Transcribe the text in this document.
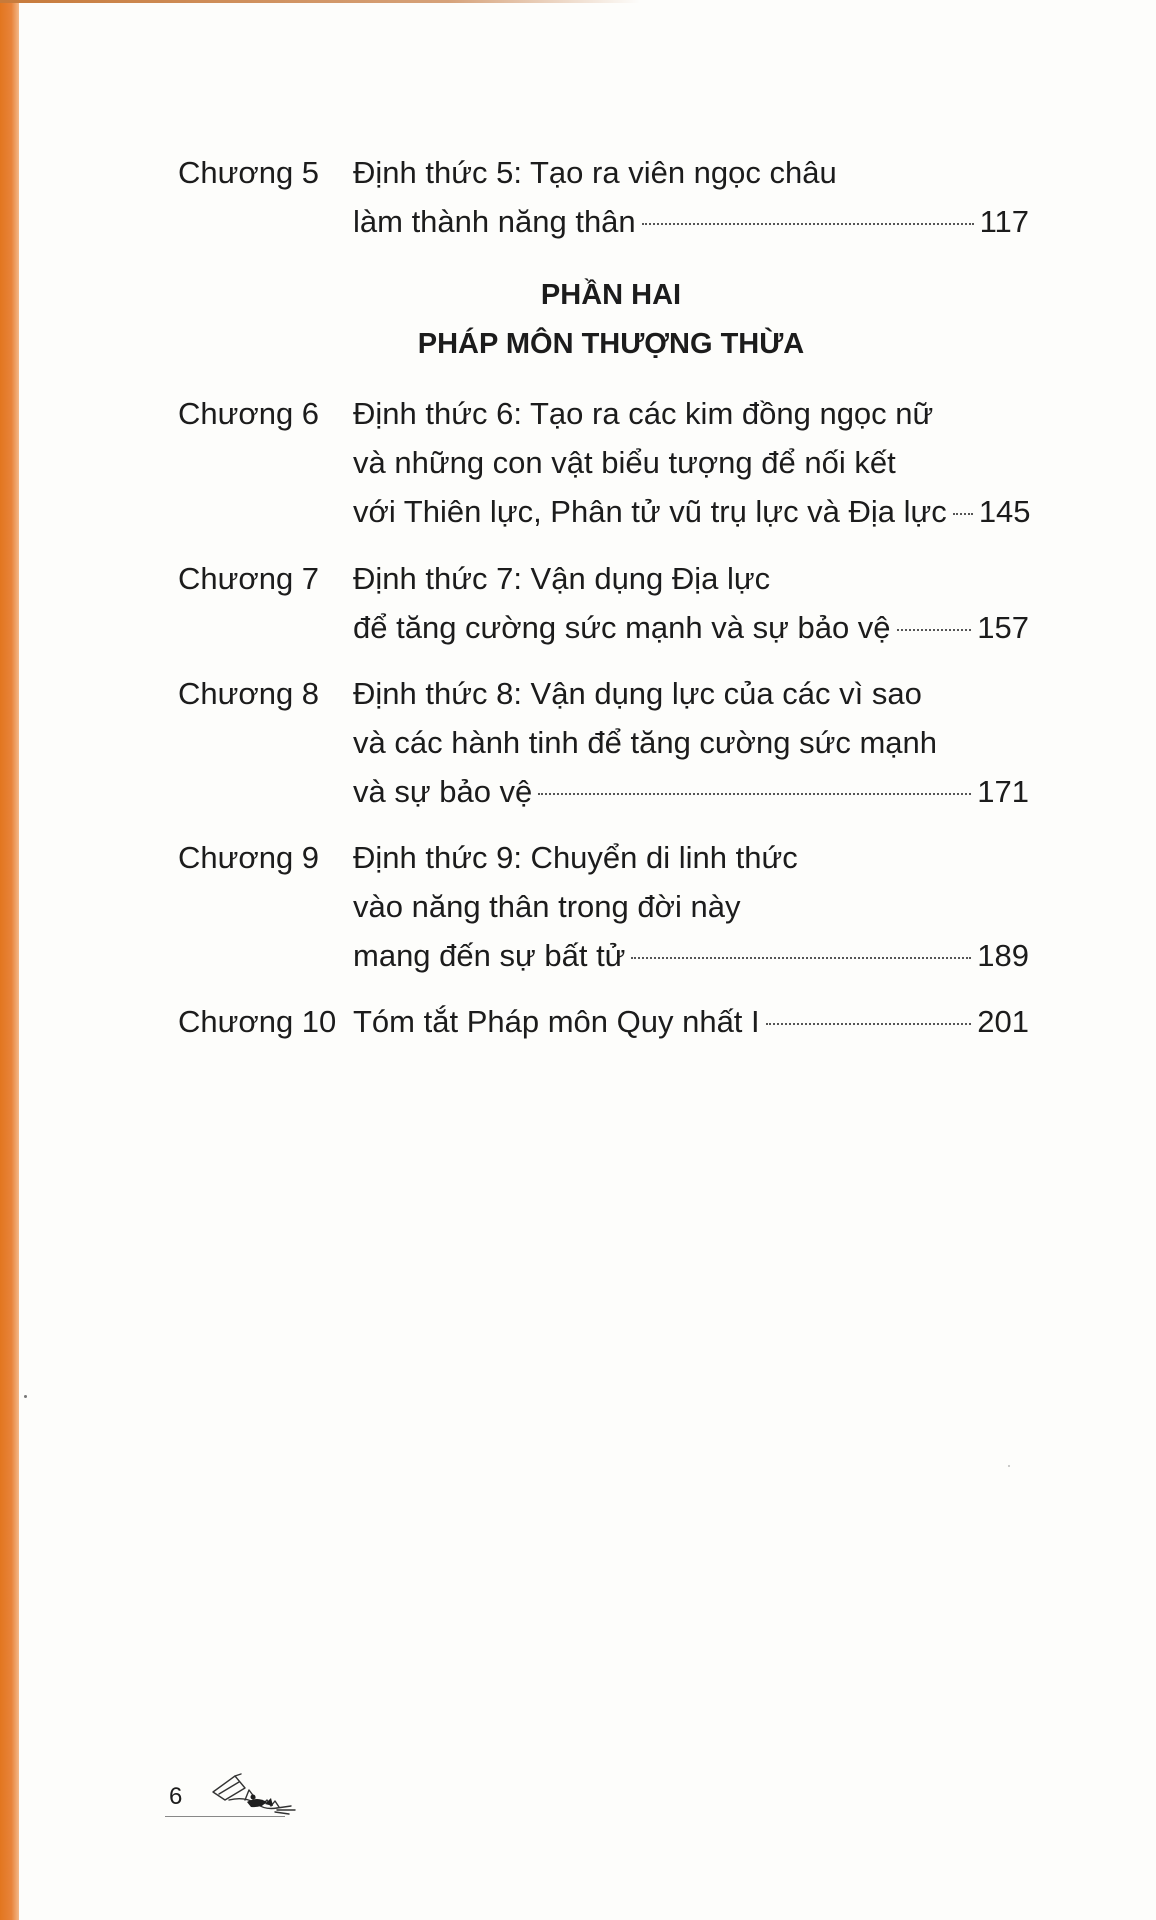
Chương 5 Định thức 5: Tạo ra viên ngọc châu
làm thành năng thân	117
PHẦN HAI
PHÁP MÔN THƯỢNG THỪA
Chương 6 Định thức 6: Tạo ra các kim đồng ngọc nữ
và những con vật biểu tượng để nối kết
với Thiên lực, Phân tử vũ trụ lực và Địa lực 145
Chương 7 Định thức 7: Vận dụng Địa lực
để tăng cường sức mạnh và sự bảo vệ	157
Chương 8 Định thức 8: Vận dụng lực của các vì sao
và các hành tinh để tăng cường sức mạnh
và sự bảo vệ	171
Chương 9 Định thức 9: Chuyển di linh thức
vào năng thân trong đời này
mang đến sự bất tử	189
Chương 10 Tóm tắt Pháp môn Quy nhất I	201
6
